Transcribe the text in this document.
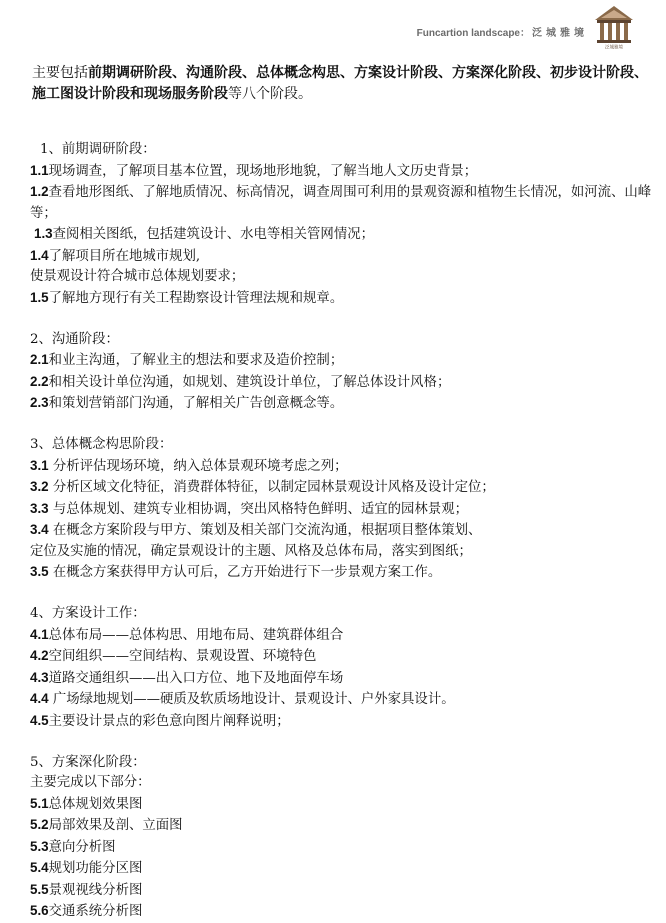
Funcartion landscape： 泛城雅境
泛城雅境
主要包括前期调研阶段、沟通阶段、总体概念构思、方案设计阶段、方案深化阶段、初步设计阶段、施工图设计阶段和现场服务阶段等八个阶段。
1、前期调研阶段：
1.1现场调查，了解项目基本位置，现场地形地貌，了解当地人文历史背景；
1.2查看地形图纸、了解地质情况、标高情况，调查周围可利用的景观资源和植物生长情况，如河流、山峰等；
1.3查阅相关图纸，包括建筑设计、水电等相关管网情况；
1.4了解项目所在地城市规划,
使景观设计符合城市总体规划要求；
1.5了解地方现行有关工程勘察设计管理法规和规章。
2、沟通阶段：
2.1和业主沟通，了解业主的想法和要求及造价控制；
2.2和相关设计单位沟通，如规划、建筑设计单位，了解总体设计风格；
2.3和策划营销部门沟通，了解相关广告创意概念等。
3、总体概念构思阶段：
3.1 分析评估现场环境，纳入总体景观环境考虑之列；
3.2 分析区域文化特征，消费群体特征，以制定园林景观设计风格及设计定位；
3.3 与总体规划、建筑专业相协调，突出风格特色鲜明、适宜的园林景观；
3.4 在概念方案阶段与甲方、策划及相关部门交流沟通，根据项目整体策划、
定位及实施的情况，确定景观设计的主题、风格及总体布局，落实到图纸；
3.5 在概念方案获得甲方认可后，乙方开始进行下一步景观方案工作。
4、方案设计工作：
4.1总体布局——总体构思、用地布局、建筑群体组合
4.2空间组织——空间结构、景观设置、环境特色
4.3道路交通组织——出入口方位、地下及地面停车场
4.4 广场绿地规划——硬质及软质场地设计、景观设计、户外家具设计。
4.5主要设计景点的彩色意向图片阐释说明；
5、方案深化阶段：
主要完成以下部分：
5.1总体规划效果图
5.2局部效果及剖、立面图
5.3意向分析图
5.4规划功能分区图
5.5景观视线分析图
5.6交通系统分析图
